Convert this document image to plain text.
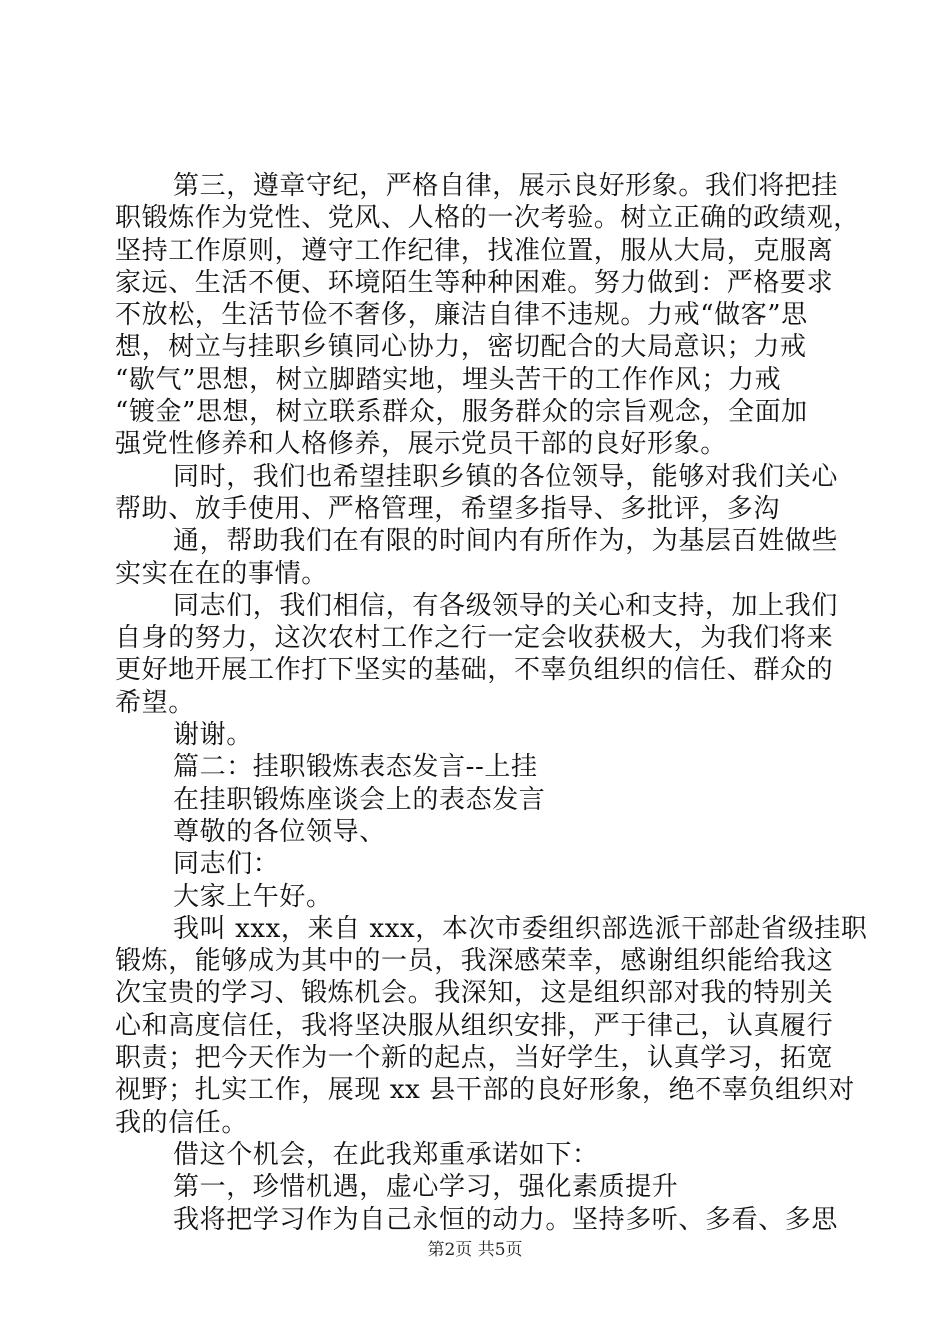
第三，遵章守纪，严格自律，展示良好形象。我们将把挂
职锻炼作为党性、党风、人格的一次考验。树立正确的政绩观，
坚持工作原则，遵守工作纪律，找准位置，服从大局，克服离
家远、生活不便、环境陌生等种种困难。努力做到：严格要求
不放松，生活节俭不奢侈，廉洁自律不违规。力戒“做客”思
想，树立与挂职乡镇同心协力，密切配合的大局意识；力戒
“歇气”思想，树立脚踏实地，埋头苦干的工作作风；力戒
“镀金”思想，树立联系群众，服务群众的宗旨观念，全面加
强党性修养和人格修养，展示党员干部的良好形象。
同时，我们也希望挂职乡镇的各位领导，能够对我们关心
帮助、放手使用、严格管理，希望多指导、多批评，多沟
通，帮助我们在有限的时间内有所作为，为基层百姓做些
实实在在的事情。
同志们，我们相信，有各级领导的关心和支持，加上我们
自身的努力，这次农村工作之行一定会收获极大，为我们将来
更好地开展工作打下坚实的基础，不辜负组织的信任、群众的
希望。
谢谢。
篇二：挂职锻炼表态发言--上挂
在挂职锻炼座谈会上的表态发言
尊敬的各位领导、
同志们：
大家上午好。
我叫 xxx，来自 xxx，本次市委组织部选派干部赴省级挂职
锻炼，能够成为其中的一员，我深感荣幸，感谢组织能给我这
次宝贵的学习、锻炼机会。我深知，这是组织部对我的特别关
心和高度信任，我将坚决服从组织安排，严于律己，认真履行
职责；把今天作为一个新的起点，当好学生，认真学习，拓宽
视野；扎实工作，展现 xx 县干部的良好形象，绝不辜负组织对
我的信任。
借这个机会，在此我郑重承诺如下：
第一，珍惜机遇，虚心学习，强化素质提升
我将把学习作为自己永恒的动力。坚持多听、多看、多思
第2页 共5页
